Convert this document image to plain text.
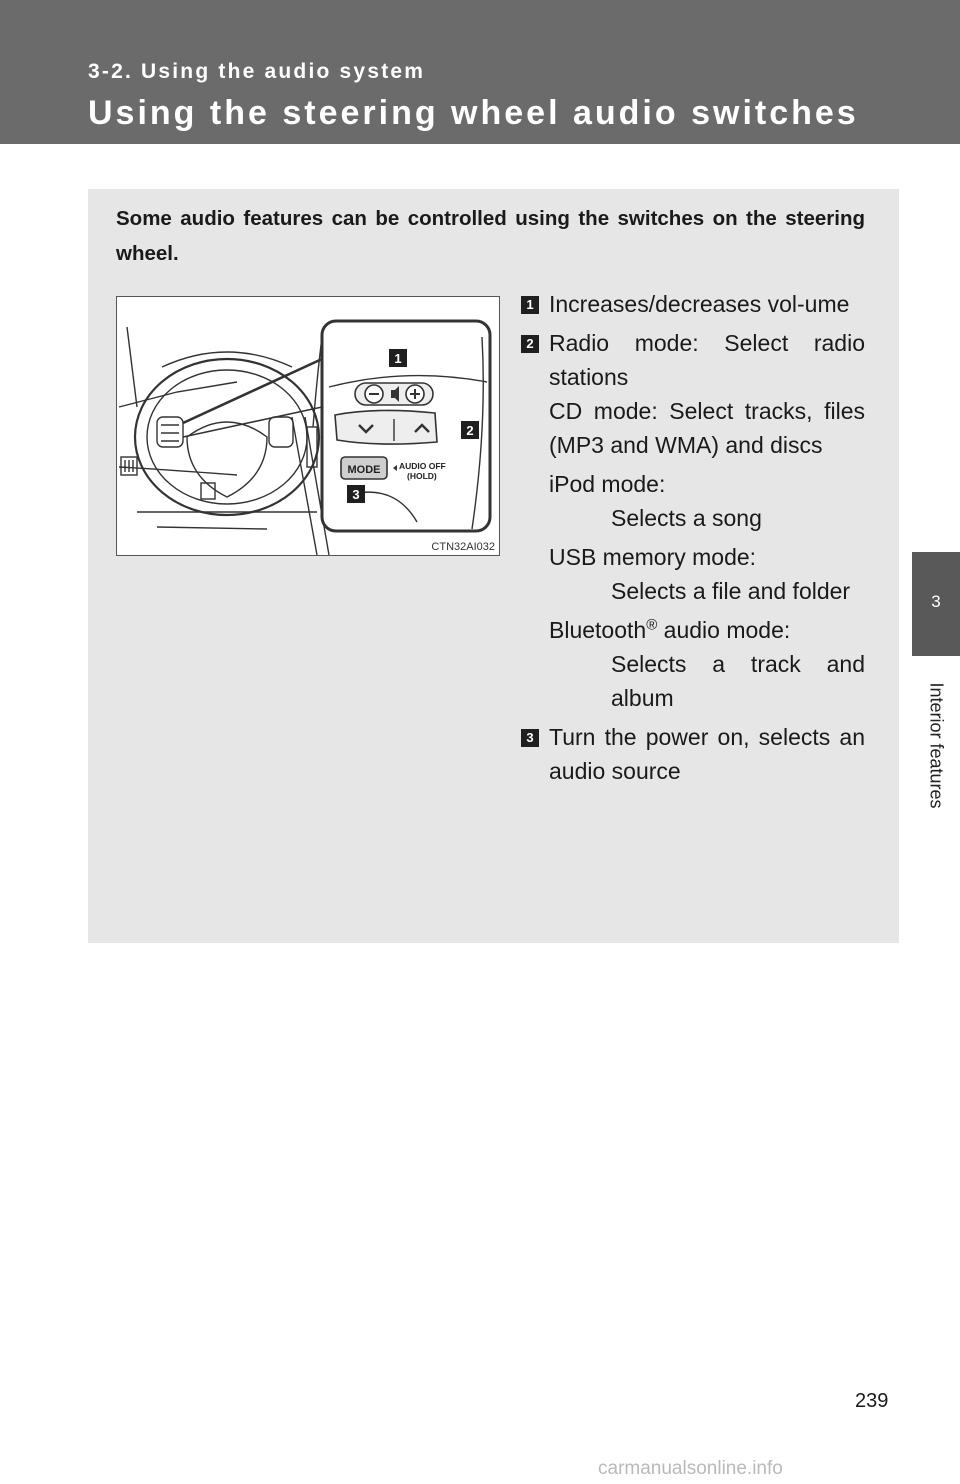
3-2. Using the audio system
Using the steering wheel audio switches
3
Interior features
Some audio features can be controlled using the switches on the steering wheel.
MODE AUDIO OFF
(HOLD)
1
2
3
CTN32AI032
1 Increases/decreases vol-ume
2 Radio mode: Select radio stations
CD mode: Select tracks, files (MP3 and WMA) and discs
iPod mode:
Selects a song
USB memory mode:
Selects a file and folder
Bluetooth® audio mode:
Selects a track and album
3 Turn the power on, selects an audio source
239
carmanualsonline.info
